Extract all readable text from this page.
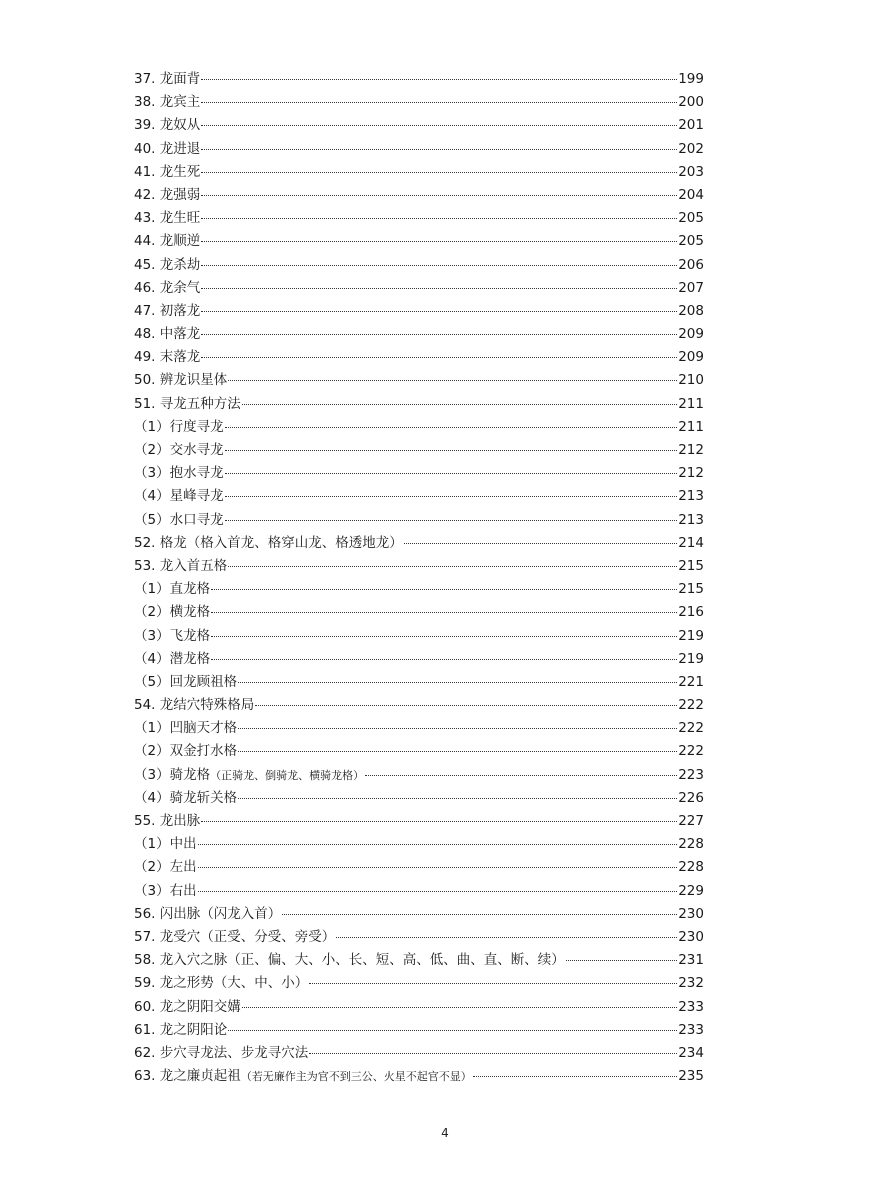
37. 龙面背	199
38. 龙宾主	200
39. 龙奴从	201
40. 龙进退	202
41. 龙生死	203
42. 龙强弱	204
43. 龙生旺	205
44. 龙顺逆	205
45. 龙杀劫	206
46. 龙余气	207
47. 初落龙	208
48. 中落龙	209
49. 末落龙	209
50. 辨龙识星体	210
51. 寻龙五种方法	211
（1）行度寻龙	211
（2）交水寻龙	212
（3）抱水寻龙	212
（4）星峰寻龙	213
（5）水口寻龙	213
52. 格龙（格入首龙、格穿山龙、格透地龙）	214
53. 龙入首五格	215
（1）直龙格	215
（2）横龙格	216
（3）飞龙格	219
（4）潜龙格	219
（5）回龙顾祖格	221
54. 龙结穴特殊格局	222
（1）凹脑天才格	222
（2）双金打水格	222
（3）骑龙格（正骑龙、倒骑龙、横骑龙格）	223
（4）骑龙斩关格	226
55. 龙出脉	227
（1）中出	228
（2）左出	228
（3）右出	229
56. 闪出脉（闪龙入首）	230
57. 龙受穴（正受、分受、旁受）	230
58. 龙入穴之脉（正、偏、大、小、长、短、高、低、曲、直、断、续）	231
59. 龙之形势（大、中、小）	232
60. 龙之阴阳交媾	233
61. 龙之阴阳论	233
62. 步穴寻龙法、步龙寻穴法	234
63. 龙之廉贞起祖（若无廉作主为官不到三公、火星不起官不显）	235
4
